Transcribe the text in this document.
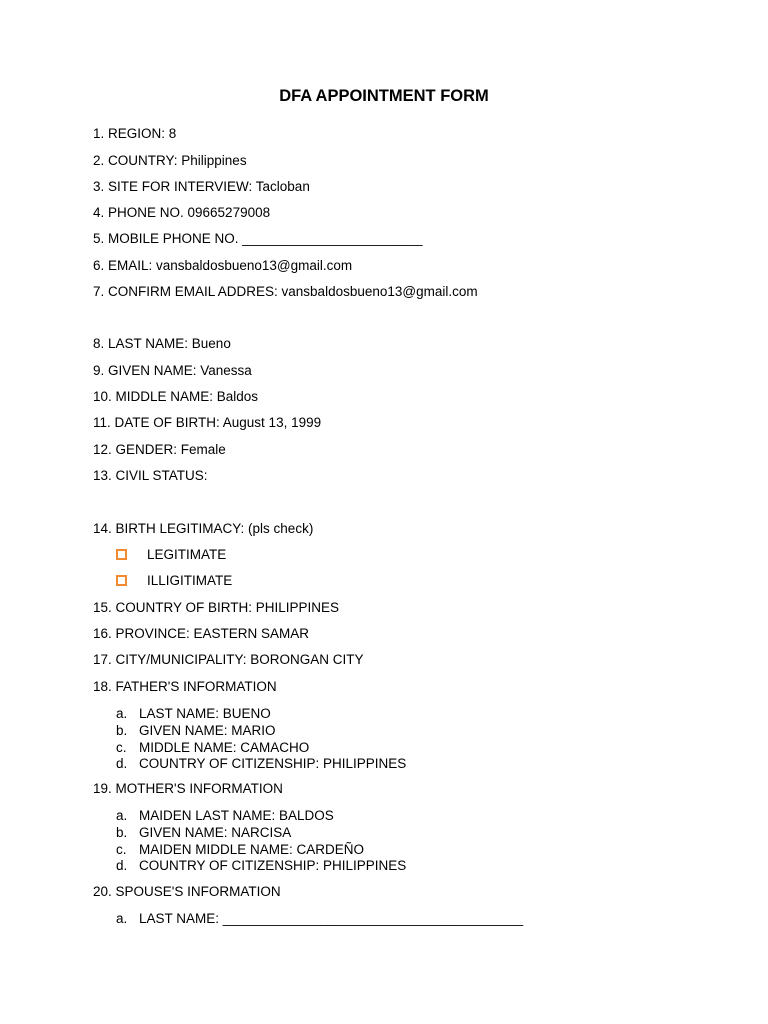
DFA APPOINTMENT FORM
1. REGION: 8
2. COUNTRY: Philippines
3. SITE FOR INTERVIEW: Tacloban
4. PHONE NO. 09665279008
5. MOBILE PHONE NO. ________________________
6. EMAIL: vansbaldosbueno13@gmail.com
7. CONFIRM EMAIL ADDRES: vansbaldosbueno13@gmail.com
8. LAST NAME: Bueno
9. GIVEN NAME: Vanessa
10. MIDDLE NAME: Baldos
11. DATE OF BIRTH: August 13, 1999
12. GENDER: Female
13. CIVIL STATUS:
14. BIRTH LEGITIMACY: (pls check)
LEGITIMATE
ILLIGITIMATE
15. COUNTRY OF BIRTH: PHILIPPINES
16. PROVINCE: EASTERN SAMAR
17. CITY/MUNICIPALITY: BORONGAN CITY
18. FATHER'S INFORMATION
a. LAST NAME: BUENO
b. GIVEN NAME: MARIO
c. MIDDLE NAME: CAMACHO
d. COUNTRY OF CITIZENSHIP: PHILIPPINES
19. MOTHER'S INFORMATION
a. MAIDEN LAST NAME: BALDOS
b. GIVEN NAME: NARCISA
c. MAIDEN MIDDLE NAME: CARDEÑO
d. COUNTRY OF CITIZENSHIP: PHILIPPINES
20. SPOUSE'S INFORMATION
a. LAST NAME: ________________________________________
